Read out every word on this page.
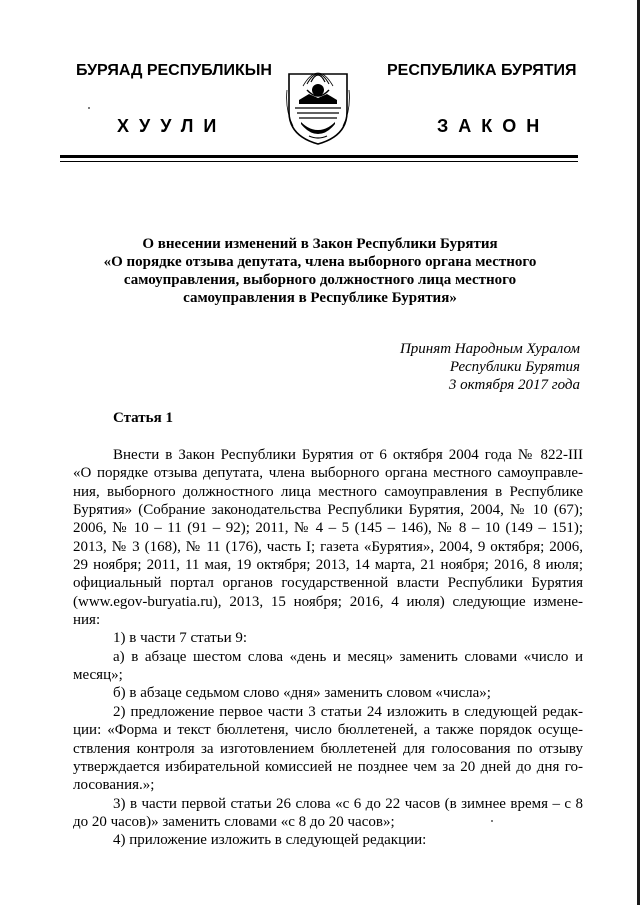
БУРЯАД РЕСПУБЛИКЫН	РЕСПУБЛИКА БУРЯТИЯ
ХУУЛИ	ЗАКОН
О внесении изменений в Закон Республики Бурятия
«О порядке отзыва депутата, члена выборного органа местного
самоуправления, выборного должностного лица местного
самоуправления в Республике Бурятия»
Принят Народным Хуралом
Республики Бурятия
3 октября 2017 года
Статья 1
Внести в Закон Республики Бурятия от 6 октября 2004 года № 822-III
«О порядке отзыва депутата, члена выборного органа местного самоуправле-
ния, выборного должностного лица местного самоуправления в Республике
Бурятия» (Собрание законодательства Республики Бурятия, 2004, № 10 (67);
2006, № 10 – 11 (91 – 92); 2011, № 4 – 5 (145 – 146), № 8 – 10 (149 – 151);
2013, № 3 (168), № 11 (176), часть I; газета «Бурятия», 2004, 9 октября; 2006,
29 ноября; 2011, 11 мая, 19 октября; 2013, 14 марта, 21 ноября; 2016, 8 июля;
официальный портал органов государственной власти Республики Бурятия
(www.egov-buryatia.ru), 2013, 15 ноября; 2016, 4 июля) следующие измене-
ния:
1) в части 7 статьи 9:
а) в абзаце шестом слова «день и месяц» заменить словами «число и
месяц»;
б) в абзаце седьмом слово «дня» заменить словом «числа»;
2) предложение первое части 3 статьи 24 изложить в следующей редак-
ции: «Форма и текст бюллетеня, число бюллетеней, а также порядок осуще-
ствления контроля за изготовлением бюллетеней для голосования по отзыву
утверждается избирательной комиссией не позднее чем за 20 дней до дня го-
лосования.»;
3) в части первой статьи 26 слова «с 6 до 22 часов (в зимнее время – с 8
до 20 часов)» заменить словами «с 8 до 20 часов»;
4) приложение изложить в следующей редакции:
